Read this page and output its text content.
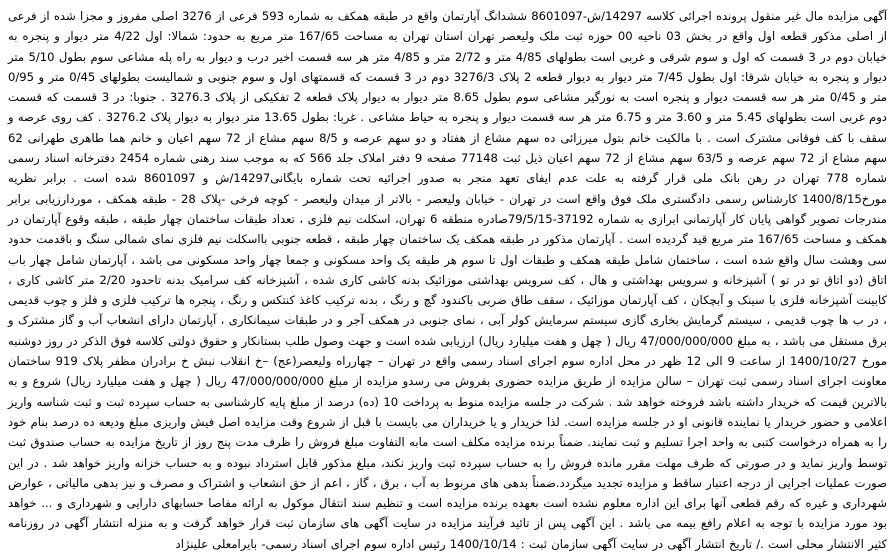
آگهی مزایده مال غیر منقول پرونده اجرائی کلاسه 14297/ش-8601097 ششدانگ آپارتمان واقع در طبقه همکف به شماره 593 فرعی از 3276 اصلی مفروز و مجزا شده از فرعی از اصلی مذکور قطعه اول واقع در بخش 03 ناحیه 00 حوزه ثبت ملک ولیعصر تهران استان تهران به مساحت 167/65 متر مربع به حدود: شمالا: اول 4/22 متر دیوار و پنجره به خیابان دوم در 3 قسمت که اول و سوم شرقی و غربی است بطولهای 4/85 متر و 2/72 متر و 4/85 متر هر سه قسمت اخیر درب و دیوار به راه پله مشاعی سوم بطول 5/10 متر دیوار و پنجره به خیابان شرقا: اول بطول 7/45 متر دیوار به دیوار قطعه 2 پلاک 3276/3 دوم در 3 قسمت که قسمتهای اول و سوم جنوبی و شمالیست بطولهای 0/45 متر و 0/95 متر و 0/45 متر هر سه قسمت دیوار و پنجره است به نورگیر مشاعی سوم بطول 8.65 متر دیوار به دیوار پلاک قطعه 2 تفکیکی از پلاک 3276.3 . جنوبا: در 3 قسمت که قسمت دوم غربی است بطولهای 5.45 متر و 3.60 متر و 6.75 متر هر سه قسمت دیوار و پنجره به حیاط مشاعی . غربا: بطول 13.65 متر دیوار به دیوار پلاک 3276.2 . کف روی عرصه و سقف با کف فوقانی مشترک است . با مالکیت خانم بتول میرزائی ده سهم مشاع از هفتاد و دو سهم عرصه و 8/5 سهم مشاع از 72 سهم اعیان و خانم هما طاهری طهرانی 62 سهم مشاع از 72 سهم عرصه و 63/5 سهم مشاع از 72 سهم اعیان ذیل ثبت 77148 صفحه 9 دفتر املاک جلد 566 که به موجب سند رهنی شماره 2454 دفترخانه اسناد رسمی شماره 778 تهران در رهن بانک ملی قرار گرفته به علت عدم ایفای تعهد منجر به صدور اجرائیه تحت شماره بایگانی14297/ش و 8601097 شده است . برابر نظریه مورخ1400/8/15 کارشناس رسمی دادگستری ملک فوق واقع است در تهران - خیابان ولیعصر - بالاتر از میدان ولیعصر - کوچه فرخی -پلاک 28 - طبقه همکف ، موردارزیابی برابر مندرجات تصویر گواهی پایان کار آپارتمانی ابرازی به شماره 37192-79/5/15صادره منطقه 6 تهران، اسکلت نیم فلزی ، تعداد طبقات ساختمان چهار طبقه ، طبقه وقوع آپارتمان در همکف و مساحت 167/65 متر مربع قید گردیده است . آپارتمان مذکور در طبقه همکف یک ساختمان چهار طبقه ، قطعه جنوبی بااسکلت نیم فلزی نمای شمالی سنگ و باقدمت حدود سی وهشت سال واقع شده است ، ساختمان شامل طبقه همکف و طبقات اول تا سوم هر طبقه یک واحد مسکونی و جمعا چهار واحد مسکونی می باشد ، آپارتمان شامل چهار باب اتاق (دو اتاق تو در تو ) آشپزخانه و سرویس بهداشتی و هال ، کف سرویس بهداشتی موزائیک بدنه کاشی کاری شده ، آشپزخانه کف سرامیک بدنه تاحدود 2/20 متر کاشی کاری ، کابینت آشپزخانه فلزی با سینک و آبچکان ، کف آپارتمان موزائیک ، سقف طاق ضربی باکندود گچ و رنگ ، بدنه ترکیب کاغذ کنتکس و رنگ ، پنجره ها ترکیب فلزی و فلز و چوب قدیمی ، در ب ها چوب قدیمی ، سیستم گرمایش بخاری گازی سیستم سرمایش کولر آبی ، نمای جنوبی در همکف آجر و در طبقات سیمانکاری ، آپارتمان دارای انشعاب آب و گاز مشترک و برق مستقل می باشد ، به مبلغ 47/000/000/000 ریال ( چهل و هفت میلیارد ریال) ارزیابی شده است و جهت وصول طلب بستانکار و حقوق دولتی کلاسه فوق الذکر در روز دوشنبه مورخ 1400/10/27 از ساعت 9 الی 12 ظهر در محل اداره سوم اجرای اسناد رسمی واقع در تهران – چهارراه ولیعصر(عج) –خ انقلاب نبش خ برادران مظفر پلاک 919 ساختمان معاونت اجرای اسناد رسمی ثبت تهران – سالن مزایده از طریق مزایده حضوری بفروش می رسدو مزایده از مبلغ 47/000/000/000 ریال ( چهل و هفت میلیارد ریال) شروع و به بالاترین قیمت که خریدار داشته باشد فروخته خواهد شد . شرکت در جلسه مزایده منوط به پرداخت 10 (ده) درصد از مبلغ پایه کارشناسی به حساب سپرده ثبت و ثبت شناسه واریز اعلامی و حضور خریدار یا نماینده قانونی او در جلسه مزایده است. لذا خریدار و یا خریداران می بایست با قبل از شروع وقت مزایده اصل فیش واریزی مبلغ ودیعه ده درصد بنام خود را به همراه درخواست کتبی به واحد اجرا تسلیم و ثبت نمایند. ضمناً برنده مزایده مکلف است مابه التفاوت مبلغ فروش را ظرف مدت پنج روز از تاریخ مزایده به حساب صندوق ثبت توسط واریز نماید و در صورتی که ظرف مهلت مقرر مانده فروش را به حساب سپرده ثبت واریز نکند، مبلغ مذکور قابل استرداد نبوده و به حساب خزانه واریز خواهد شد . در این صورت عملیات اجرایی از درجه اعتبار ساقط و مزایده تجدید میگردد.ضمناً بدهی های مربوط به آب ، برق ، گاز ، اعم از حق انشعاب و اشتراک و مصرف و نیز بدهی مالیاتی ، عوارض شهرداری و غیره که رقم قطعی آنها برای این اداره معلوم نشده است بعهده برنده مزایده است و تنظیم سند انتقال موکول به ارائه مفاصا حسابهای دارایی و شهرداری و ... خواهد بود مورد مزایده با توجه به اعلام رافع بیمه می باشد . این آگهی پس از تائید فرآیند مزایده در سایت آگهی های سازمان ثبت قرار خواهد گرفت و به منزله انتشار آگهی در روزنامه کثیر الانتشار محلی است ./ تاریخ انتشار آگهی در سایت آگهی سازمان ثبت : 1400/10/14 رئیس اداره سوم اجرای اسناد رسمی- بایرامعلی علینژاد
